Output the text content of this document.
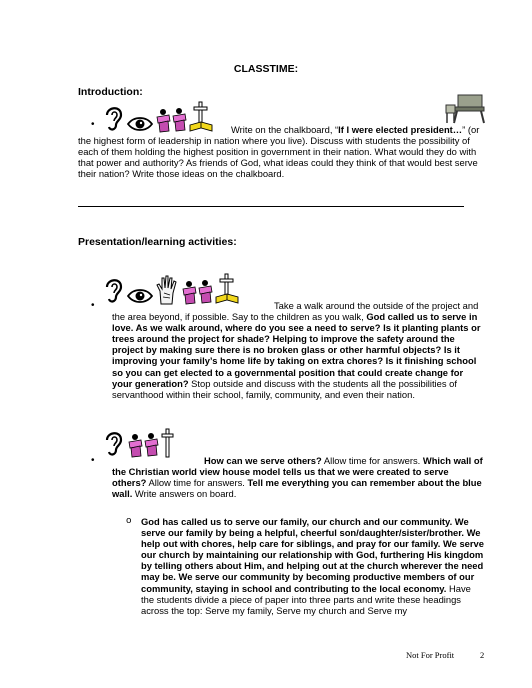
CLASSTIME:
Introduction:
•	Write on the chalkboard, “If I were elected president…” (or the highest form of leadership in nation where you live). Discuss with students the possibility of each of them holding the highest position in government in their nation. What would they do with that power and authority? As friends of God, what ideas could they think of that would best serve their nation? Write those ideas on the chalkboard.
Presentation/learning activities:
•	Take a walk around the outside of the project and the area beyond, if possible. Say to the children as you walk, God called us to serve in love. As we walk around, where do you see a need to serve? Is it planting plants or trees around the project for shade? Helping to improve the safety around the project by making sure there is no broken glass or other harmful objects? Is it improving your family’s home life by taking on extra chores? Is it finishing school so you can get elected to a governmental position that could create change for your generation? Stop outside and discuss with the students all the possibilities of servanthood within their school, family, community, and even their nation.
•	How can we serve others? Allow time for answers. Which wall of the Christian world view house model tells us that we were created to serve others? Allow time for answers. Tell me everything you can remember about the blue wall. Write answers on board.
o God has called us to serve our family, our church and our community. We serve our family by being a helpful, cheerful son/daughter/sister/brother. We help out with chores, help care for siblings, and pray for our family. We serve our church by maintaining our relationship with God, furthering His kingdom by telling others about Him, and helping out at the church wherever the need may be. We serve our community by becoming productive members of our community, staying in school and contributing to the local economy. Have the students divide a piece of paper into three parts and write these headings across the top: Serve my family, Serve my church and Serve my
Not For Profit	2
